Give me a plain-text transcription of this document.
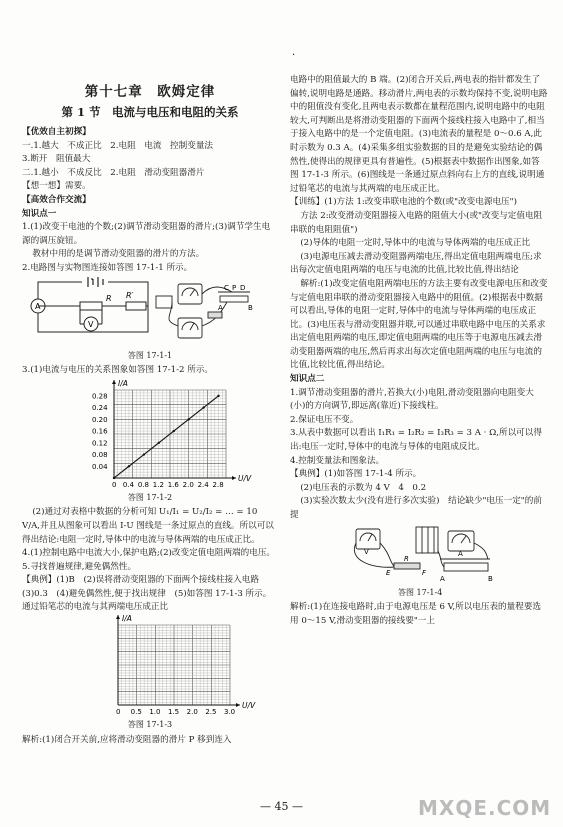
·
第十七章　欧姆定律
第 1 节　电流与电压和电阻的关系

【优效自主初探】

一.1.越大　不成正比　2.电阻　电流　控制变量法

3.断开　阻值最大

二.1.越小　不成反比　2.电阻　滑动变阻器滑片

【想一想】需要。

【高效合作交流】

知识点一

1.(1)改变干电池的个数;(2)调节滑动变阻器的滑片;(3)调节学生电源的调压旋钮。

教材中用的是调节滑动变阻器的滑片的方法。

2.电路图与实物图连接如答图 17-1-1 所示。

A
R R′
V
C P D
A	B
答图 17-1-1

3.(1)电流与电压的关系图象如答图 17-1-2 所示。

I/A
U/V
0 0.4 0.8 1.2 1.6 2.0 2.4 2.8
0.04
0.08
0.12
0.16
0.20
0.24
0.28
答图 17-1-2

(2)通过对表格中数据的分析可知 U₁/I₁ = U₂/I₂ = … = 10 V/A,并且从图象可以看出 I-U 图线是一条过原点的直线。所以可以得出结论:电阻一定时,导体中的电流与导体两端的电压成正比。

4.(1)控制电路中电流大小,保护电路;(2)改变定值电阻两端的电压。

5.寻找普遍规律,避免偶然性。

【典例】(1)B　(2)误将滑动变阻器的下面两个接线柱接入电路　(3)0.3　(4)避免偶然性,便于找出规律　(5)如答图 17-1-3 所示。　通过铅笔芯的电流与其两端电压成正比

I/A
U/V
0 0.5 1.0 1.5 2.0 2.5 3.0
答图 17-1-3

解析:(1)闭合开关前,应将滑动变阻器的滑片 P 移到连入

电路中的阻值最大的 B 端。(2)闭合开关后,两电表的指针都发生了偏转,说明电路是通路。移动滑片,两电表的示数均保持不变,说明电路中的阻值没有变化,且两电表示数都在量程范围内,说明电路中的电阻较大,可判断出是将滑动变阻器的下面两个接线柱接入电路中了,相当于接入电路中的是一个定值电阻。(3)电流表的量程是 0～0.6 A,此时示数为 0.3 A。(4)采集多组实验数据的目的是避免实验结论的偶然性,使得出的规律更具有普遍性。(5)根据表中数据作出图象,如答图 17-1-3 所示。(6)图线是一条通过原点斜向右上方的直线,说明通过铅笔芯的电流与其两端的电压成正比。

【训练】(1)方法 1:改变串联电池的个数(或"改变电源电压")

方法 2:改变滑动变阻器接入电路的阻值大小(或"改变与定值电阻串联的电阻阻值")

(2)导体的电阻一定时,导体中的电流与导体两端的电压成正比

(3)电源电压减去滑动变阻器两端电压,得出定值电阻两端电压;求出每次定值电阻两端的电压与电流的比值,比较比值,得出结论

解析:(1)改变定值电阻两端电压的方法主要有改变电源电压和改变与定值电阻串联的滑动变阻器接入电路中的阻值。(2)根据表中数据可以看出,导体的电阻一定时,导体中的电流与导体两端的电压成正比。(3)电压表与滑动变阻器并联,可以通过串联电路中电压的关系求出定值电阻两端的电压,即定值电阻两端的电压等于电源电压减去滑动变阻器两端的电压,然后再求出每次定值电阻两端的电压与电流的比值,比较比值,得出结论。

知识点二

1.调节滑动变阻器的滑片,若换大(小)电阻,滑动变阻器向电阻变大(小)的方向调节,即远离(靠近)下接线柱。

2.保证电压不变。

3.从表中数据可以看出 I₁R₁ = I₂R₂ = I₃R₃ = 3 A · Ω,所以可以得出:电压一定时,导体中的电流与导体的电阻成反比。

4.控制变量法和图象法。

【典例】(1)如答图 17-1-4 所示。

(2)电压表的示数为 4 V　4　0.2

(3)实验次数太少(没有进行多次实验)　结论缺少"电压一定"的前提

V	A
E	F
R
A	B
答图 17-1-4

解析:(1)在连接电路时,由于电源电压是 6 V,所以电压表的量程要选用 0～15 V,滑动变阻器的接线要"一上

— 45 —	MXQE.COM
